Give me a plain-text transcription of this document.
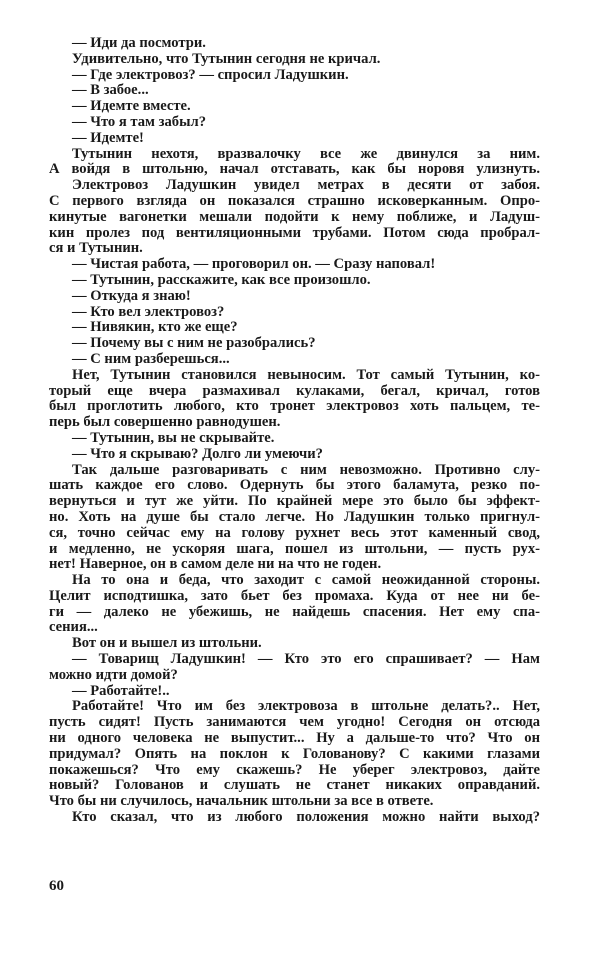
— Иди да посмотри.
Удивительно, что Тутынин сегодня не кричал.
— Где электровоз? — спросил Ладушкин.
— В забое...
— Идемте вместе.
— Что я там забыл?
— Идемте!
Тутынин нехотя, вразвалочку все же двинулся за ним.
А войдя в штольню, начал отставать, как бы норовя улизнуть.
Электровоз Ладушкин увидел метрах в десяти от забоя.
С первого взгляда он показался страшно исковерканным. Опро-
кинутые вагонетки мешали подойти к нему поближе, и Ладуш-
кин пролез под вентиляционными трубами. Потом сюда пробрал-
ся и Тутынин.
— Чистая работа, — проговорил он. — Сразу наповал!
— Тутынин, расскажите, как все произошло.
— Откуда я знаю!
— Кто вел электровоз?
— Нивякин, кто же еще?
— Почему вы с ним не разобрались?
— С ним разберешься...
Нет, Тутынин становился невыносим. Тот самый Тутынин, ко-
торый еще вчера размахивал кулаками, бегал, кричал, готов
был проглотить любого, кто тронет электровоз хоть пальцем, те-
перь был совершенно равнодушен.
— Тутынин, вы не скрывайте.
— Что я скрываю? Долго ли умеючи?
Так дальше разговаривать с ним невозможно. Противно слу-
шать каждое его слово. Одернуть бы этого баламута, резко по-
вернуться и тут же уйти. По крайней мере это было бы эффект-
но. Хоть на душе бы стало легче. Но Ладушкин только пригнул-
ся, точно сейчас ему на голову рухнет весь этот каменный свод,
и медленно, не ускоряя шага, пошел из штольни, — пусть рух-
нет! Наверное, он в самом деле ни на что не годен.
На то она и беда, что заходит с самой неожиданной стороны.
Целит исподтишка, зато бьет без промаха. Куда от нее ни бе-
ги — далеко не убежишь, не найдешь спасения. Нет ему спа-
сения...
Вот он и вышел из штольни.
— Товарищ Ладушкин! — Кто это его спрашивает? — Нам
можно идти домой?
— Работайте!..
Работайте! Что им без электровоза в штольне делать?.. Нет,
пусть сидят! Пусть занимаются чем угодно! Сегодня он отсюда
ни одного человека не выпустит... Ну а дальше-то что? Что он
придумал? Опять на поклон к Голованову? С какими глазами
покажешься? Что ему скажешь? Не уберег электровоз, дайте
новый? Голованов и слушать не станет никаких оправданий.
Что бы ни случилось, начальник штольни за все в ответе.
Кто сказал, что из любого положения можно найти выход?
60
